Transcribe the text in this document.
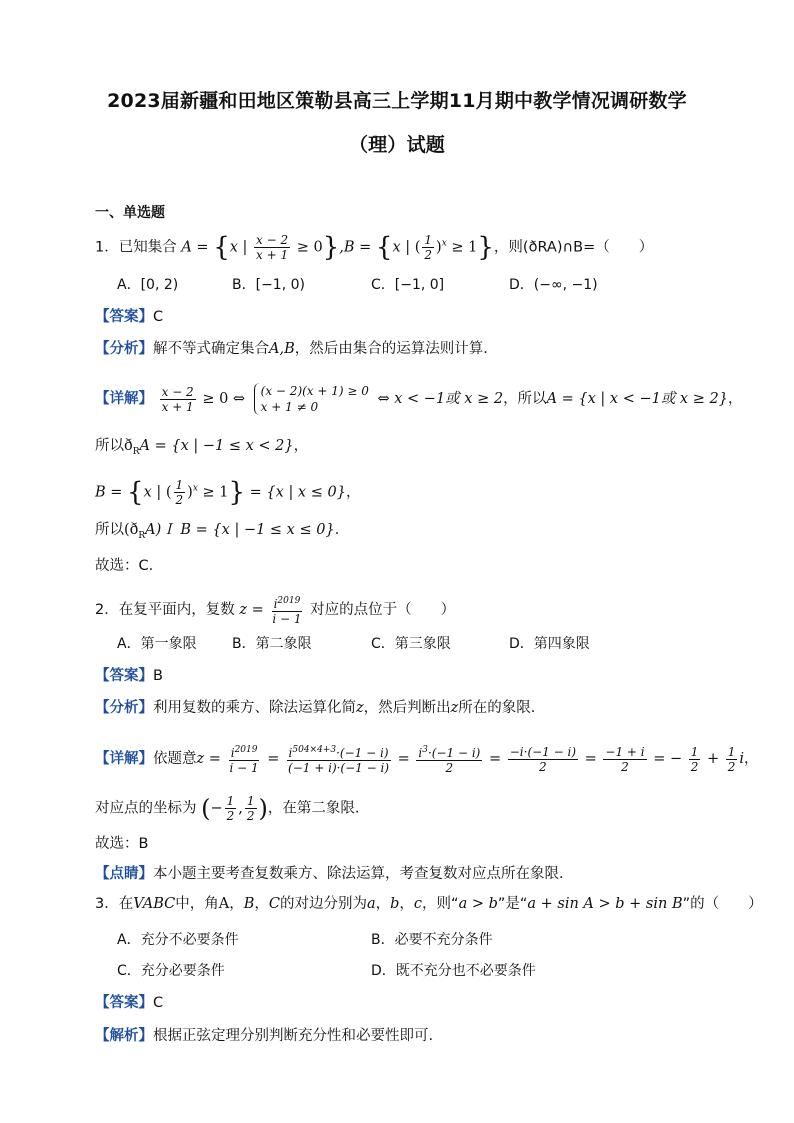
2023届新疆和田地区策勒县高三上学期11月期中教学情况调研数学
（理）试题
一、单选题
1．已知集合 A = {x | $\frac{x - 2}{x + 1} \ge 0\},B = \{x$ | ( $\frac{1}{2} )^x \ge 1$}，则(ðRA)∩B=（　　）
A．[0, 2)	B．[−1, 0)	C．[−1, 0]	D．(−∞, −1)
【答案】C
【分析】解不等式确定集合A,B，然后由集合的运算法则计算．
【详解】 $\frac{x - 2}{x + 1} \ge 0$ ⇔ (x − 2)(x + 1) ≥ 0
x + 1 ≠ 0	⇔ x < −1或 x ≥ 2，所以A = {x | x < −1或 x ≥ 2}，
所以$ð_RA = \{x$ | −1 ≤ x < 2}，
B = {x | ( $\frac{1}{2} )^x \ge 1\} = \{x$ | x ≤ 0}，
所以$(ð_RA)I$ B = {x | −1 ≤ x ≤ 0}．
故选：C.
2．在复平面内，复数 $z = \frac{i^{2019}}{i - 1}$ 对应的点位于（　　）
A．第一象限	B．第二象限	C．第三象限	D．第四象限
【答案】B
【分析】利用复数的乘方、除法运算化简z，然后判断出z所在的象限.
【详解】依题意$z = \frac{i^{2019}}{i - 1} = \frac{i^{504\times 4+3}\cdot(-1 - i)}{(-1 + i)\cdot(-1 - i)} = \frac{i^3\cdot(-1 - i)}{2} = \frac{-i\cdot(-1 - i)}{2} = \frac{-1 + i}{2}$ = − $\frac{1}{2} + \frac{1}{2}$ i，
对应点的坐标为 (− $\frac{1}{2}$ , $\frac{1}{2}$ )，在第二象限.
故选：B
【点睛】本小题主要考查复数乘方、除法运算，考查复数对应点所在象限.
3．在VABC中，角A，B，C的对边分别为a，b，c，则“a > b”是“a + sin A > b + sin B”的（　　）
A．充分不必要条件	B．必要不充分条件
C．充分必要条件	D．既不充分也不必要条件
【答案】C
【解析】根据正弦定理分别判断充分性和必要性即可.
